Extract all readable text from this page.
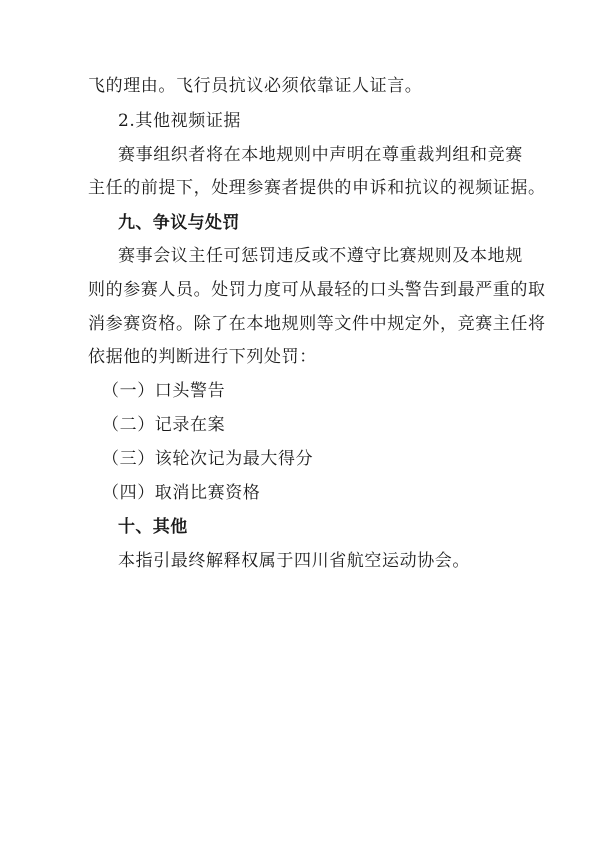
飞的理由。飞行员抗议必须依靠证人证言。
2.其他视频证据
赛事组织者将在本地规则中声明在尊重裁判组和竞赛
主任的前提下，处理参赛者提供的申诉和抗议的视频证据。
九、争议与处罚
赛事会议主任可惩罚违反或不遵守比赛规则及本地规
则的参赛人员。处罚力度可从最轻的口头警告到最严重的取
消参赛资格。除了在本地规则等文件中规定外，竞赛主任将
依据他的判断进行下列处罚：
（一）口头警告
（二）记录在案
（三）该轮次记为最大得分
（四）取消比赛资格
十、其他
本指引最终解释权属于四川省航空运动协会。
